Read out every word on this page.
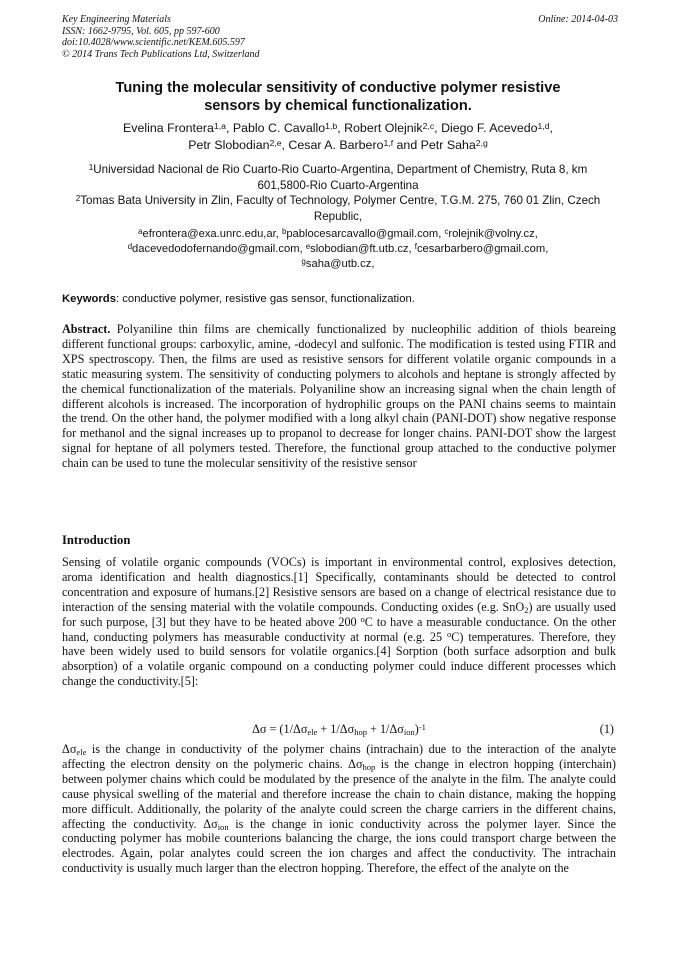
Key Engineering Materials
ISSN: 1662-9795, Vol. 605, pp 597-600
doi:10.4028/www.scientific.net/KEM.605.597
© 2014 Trans Tech Publications Ltd, Switzerland
Online: 2014-04-03
Tuning the molecular sensitivity of conductive polymer resistive
sensors by chemical functionalization.
Evelina Frontera$^{1,a}$, Pablo C. Cavallo$^{1,b}$, Robert Olejnik$^{2,c}$, Diego F. Acevedo$^{1,d}$,
Petr Slobodian$^{2,e}$, Cesar A. Barbero$^{1,f}$ and Petr Saha$^{2,g}$
$^1$Universidad Nacional de Rio Cuarto-Rio Cuarto-Argentina, Department of Chemistry, Ruta 8, km 601,5800-Rio Cuarto-Argentina
$^2$Tomas Bata University in Zlin, Faculty of Technology, Polymer Centre, T.G.M. 275, 760 01 Zlin, Czech Republic,
$^a$efrontera@exa.unrc.edu,ar, $^b$pablocesarcavallo@gmail.com, $^c$rolejnik@volny.cz,
$^d$dacevedodofernando@gmail.com, $^e$slobodian@ft.utb.cz, $^f$cesarbarbero@gmail.com,
$^g$saha@utb.cz,
Keywords: conductive polymer, resistive gas sensor, functionalization.
Abstract. Polyaniline thin films are chemically functionalized by nucleophilic addition of thiols beareing different functional groups: carboxylic, amine, -dodecyl and sulfonic. The modification is tested using FTIR and XPS spectroscopy. Then, the films are used as resistive sensors for different volatile organic compounds in a static measuring system. The sensitivity of conducting polymers to alcohols and heptane is strongly affected by the chemical functionalization of the materials. Polyaniline show an increasing signal when the chain length of different alcohols is increased. The incorporation of hydrophilic groups on the PANI chains seems to maintain the trend. On the other hand, the polymer modified with a long alkyl chain (PANI-DOT) show negative response for methanol and the signal increases up to propanol to decrease for longer chains. PANI-DOT show the largest signal for heptane of all polymers tested. Therefore, the functional group attached to the conductive polymer chain can be used to tune the molecular sensitivity of the resistive sensor
Introduction
Sensing of volatile organic compounds (VOCs) is important in environmental control, explosives detection, aroma identification and health diagnostics.[1] Specifically, contaminants should be detected to control concentration and exposure of humans.[2] Resistive sensors are based on a change of electrical resistance due to interaction of the sensing material with the volatile compounds. Conducting oxides (e.g. SnO$_2$) are usually used for such purpose, [3] but they have to be heated above 200 $^o$C to have a measurable conductance. On the other hand, conducting polymers has measurable conductivity at normal (e.g. 25 $^o$C) temperatures. Therefore, they have been widely used to build sensors for volatile organics.[4] Sorption (both surface adsorption and bulk absorption) of a volatile organic compound on a conducting polymer could induce different processes which change the conductivity.[5]:
$\Delta\sigma = (1/\Delta\sigma_{ele} + 1/\Delta\sigma_{hop} + 1/\Delta\sigma_{ion})^{-1}$	(1)
$\Delta\sigma_{ele}$ is the change in conductivity of the polymer chains (intrachain) due to the interaction of the analyte affecting the electron density on the polymeric chains. $\Delta\sigma_{hop}$ is the change in electron hopping (interchain) between polymer chains which could be modulated by the presence of the analyte in the film. The analyte could cause physical swelling of the material and therefore increase the chain to chain distance, making the hopping more difficult. Additionally, the polarity of the analyte could screen the charge carriers in the different chains, affecting the conductivity. $\Delta\sigma_{ion}$ is the change in ionic conductivity across the polymer layer. Since the conducting polymer has mobile counterions balancing the charge, the ions could transport charge between the electrodes. Again, polar analytes could screen the ion charges and affect the conductivity. The intrachain conductivity is usually much larger than the electron hopping. Therefore, the effect of the analyte on the
